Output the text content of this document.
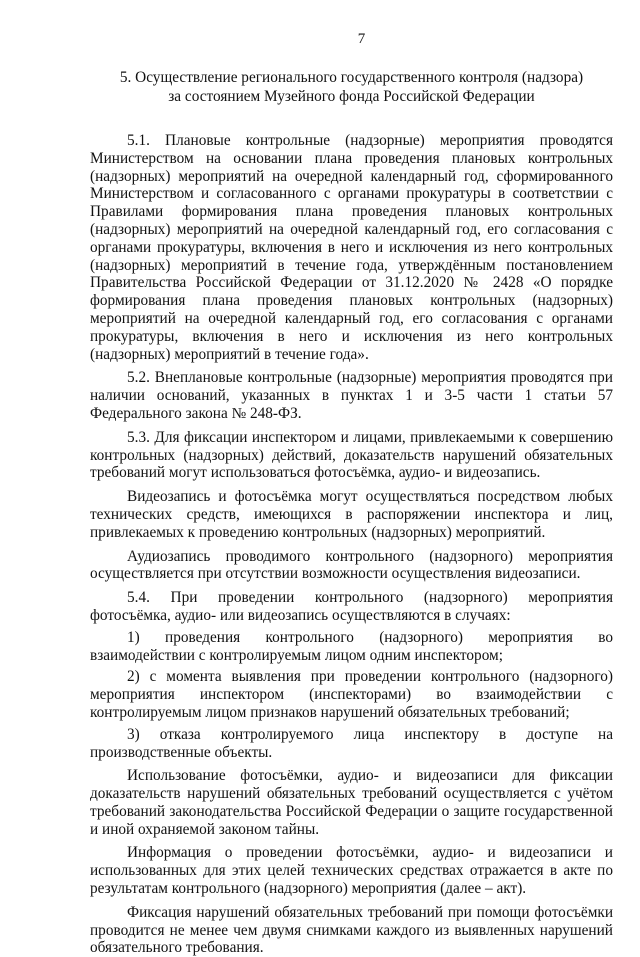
7
5. Осуществление регионального государственного контроля (надзора)
за состоянием Музейного фонда Российской Федерации

5.1. Плановые контрольные (надзорные) мероприятия проводятся Министерством на основании плана проведения плановых контрольных (надзорных) мероприятий на очередной календарный год, сформированного Министерством и согласованного с органами прокуратуры в соответствии с Правилами формирования плана проведения плановых контрольных (надзорных) мероприятий на очередной календарный год, его согласования с органами прокуратуры, включения в него и исключения из него контрольных (надзорных) мероприятий в течение года, утверждённым постановлением Правительства Российской Федерации от 31.12.2020 № 2428 «О порядке формирования плана проведения плановых контрольных (надзорных) мероприятий на очередной календарный год, его согласования с органами прокуратуры, включения в него и исключения из него контрольных (надзорных) мероприятий в течение года».

5.2. Внеплановые контрольные (надзорные) мероприятия проводятся при наличии оснований, указанных в пунктах 1 и 3-5 части 1 статьи 57 Федерального закона № 248-ФЗ.

5.3. Для фиксации инспектором и лицами, привлекаемыми к совершению контрольных (надзорных) действий, доказательств нарушений обязательных требований могут использоваться фотосъёмка, аудио- и видеозапись.

Видеозапись и фотосъёмка могут осуществляться посредством любых технических средств, имеющихся в распоряжении инспектора и лиц, привлекаемых к проведению контрольных (надзорных) мероприятий.

Аудиозапись проводимого контрольного (надзорного) мероприятия осуществляется при отсутствии возможности осуществления видеозаписи.

5.4. При проведении контрольного (надзорного) мероприятия фотосъёмка, аудио- или видеозапись осуществляются в случаях:

1) проведения контрольного (надзорного) мероприятия во взаимодействии с контролируемым лицом одним инспектором;

2) с момента выявления при проведении контрольного (надзорного) мероприятия инспектором (инспекторами) во взаимодействии с контролируемым лицом признаков нарушений обязательных требований;

3) отказа контролируемого лица инспектору в доступе на производственные объекты.

Использование фотосъёмки, аудио- и видеозаписи для фиксации доказательств нарушений обязательных требований осуществляется с учётом требований законодательства Российской Федерации о защите государственной и иной охраняемой законом тайны.

Информация о проведении фотосъёмки, аудио- и видеозаписи и использованных для этих целей технических средствах отражается в акте по результатам контрольного (надзорного) мероприятия (далее – акт).

Фиксация нарушений обязательных требований при помощи фотосъёмки проводится не менее чем двумя снимками каждого из выявленных нарушений обязательного требования.
